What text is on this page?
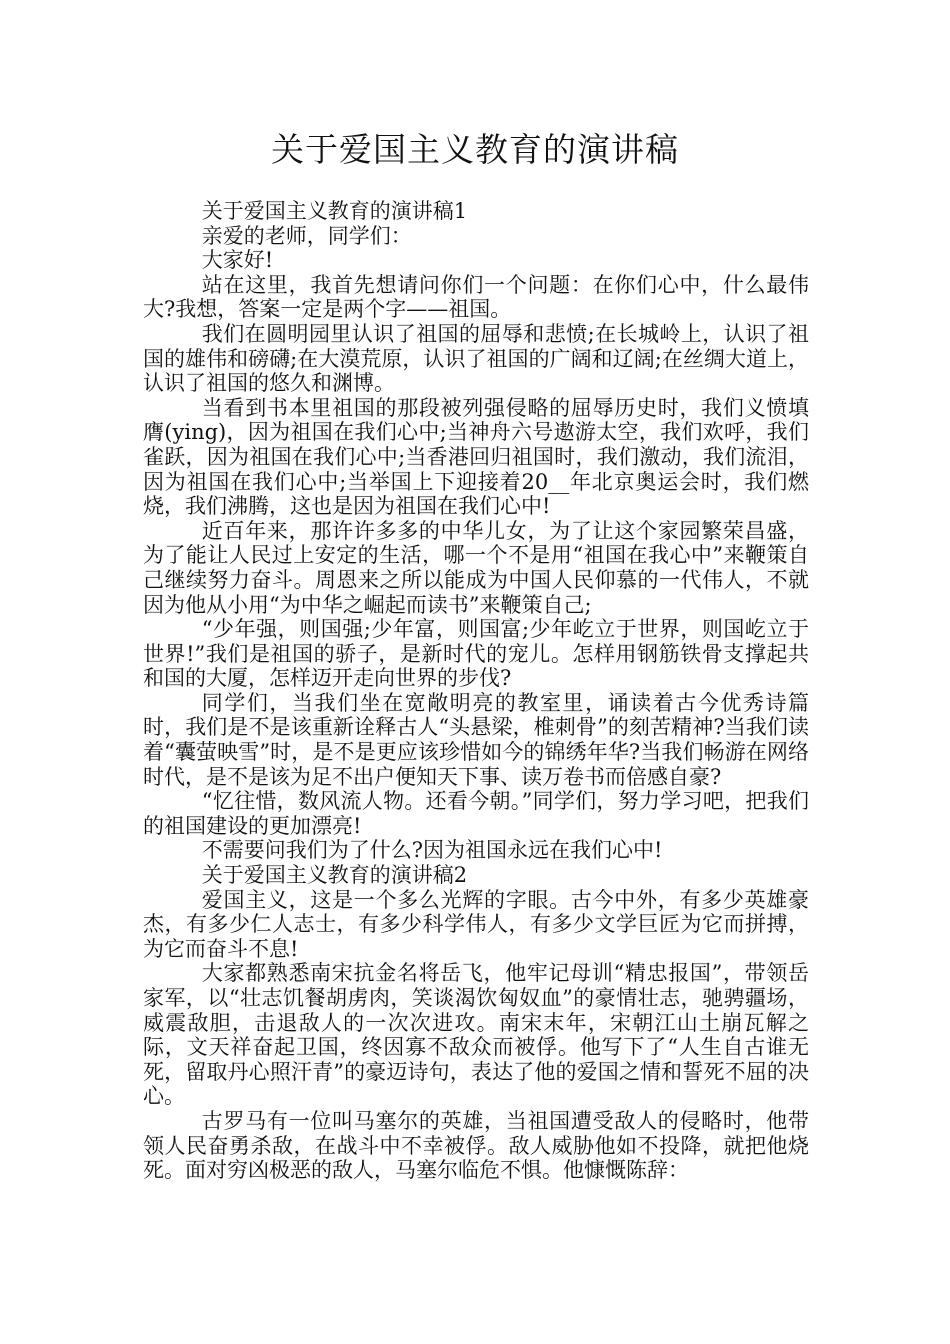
关于爱国主义教育的演讲稿

关于爱国主义教育的演讲稿1

亲爱的老师，同学们：

大家好!

站在这里，我首先想请问你们一个问题：在你们心中，什么最伟大?我想，答案一定是两个字——祖国。

我们在圆明园里认识了祖国的屈辱和悲愤;在长城岭上，认识了祖国的雄伟和磅礴;在大漠荒原，认识了祖国的广阔和辽阔;在丝绸大道上，认识了祖国的悠久和渊博。

当看到书本里祖国的那段被列强侵略的屈辱历史时，我们义愤填膺(ying)，因为祖国在我们心中;当神舟六号遨游太空，我们欢呼，我们雀跃，因为祖国在我们心中;当香港回归祖国时，我们激动，我们流泪，因为祖国在我们心中;当举国上下迎接着20__年北京奥运会时，我们燃烧，我们沸腾，这也是因为祖国在我们心中!

近百年来，那许许多多的中华儿女，为了让这个家园繁荣昌盛，为了能让人民过上安定的生活，哪一个不是用“祖国在我心中”来鞭策自己继续努力奋斗。周恩来之所以能成为中国人民仰慕的一代伟人，不就因为他从小用“为中华之崛起而读书”来鞭策自己;

“少年强，则国强;少年富，则国富;少年屹立于世界，则国屹立于世界!”我们是祖国的骄子，是新时代的宠儿。怎样用钢筋铁骨支撑起共和国的大厦，怎样迈开走向世界的步伐?

同学们，当我们坐在宽敞明亮的教室里，诵读着古今优秀诗篇时，我们是不是该重新诠释古人“头悬梁，椎刺骨”的刻苦精神?当我们读着“囊萤映雪”时，是不是更应该珍惜如今的锦绣年华?当我们畅游在网络时代，是不是该为足不出户便知天下事、读万卷书而倍感自豪?

“忆往惜，数风流人物。还看今朝。”同学们，努力学习吧，把我们的祖国建设的更加漂亮!

不需要问我们为了什么?因为祖国永远在我们心中!

关于爱国主义教育的演讲稿2

爱国主义，这是一个多么光辉的字眼。古今中外，有多少英雄豪杰，有多少仁人志士，有多少科学伟人，有多少文学巨匠为它而拼搏，为它而奋斗不息!

大家都熟悉南宋抗金名将岳飞，他牢记母训“精忠报国”，带领岳家军，以“壮志饥餐胡虏肉，笑谈渴饮匈奴血”的豪情壮志，驰骋疆场，威震敌胆，击退敌人的一次次进攻。南宋末年，宋朝江山土崩瓦解之际，文天祥奋起卫国，终因寡不敌众而被俘。他写下了“人生自古谁无死，留取丹心照汗青”的豪迈诗句，表达了他的爱国之情和誓死不屈的决心。

古罗马有一位叫马塞尔的英雄，当祖国遭受敌人的侵略时，他带领人民奋勇杀敌，在战斗中不幸被俘。敌人威胁他如不投降，就把他烧死。面对穷凶极恶的敌人，马塞尔临危不惧。他慷慨陈辞：
